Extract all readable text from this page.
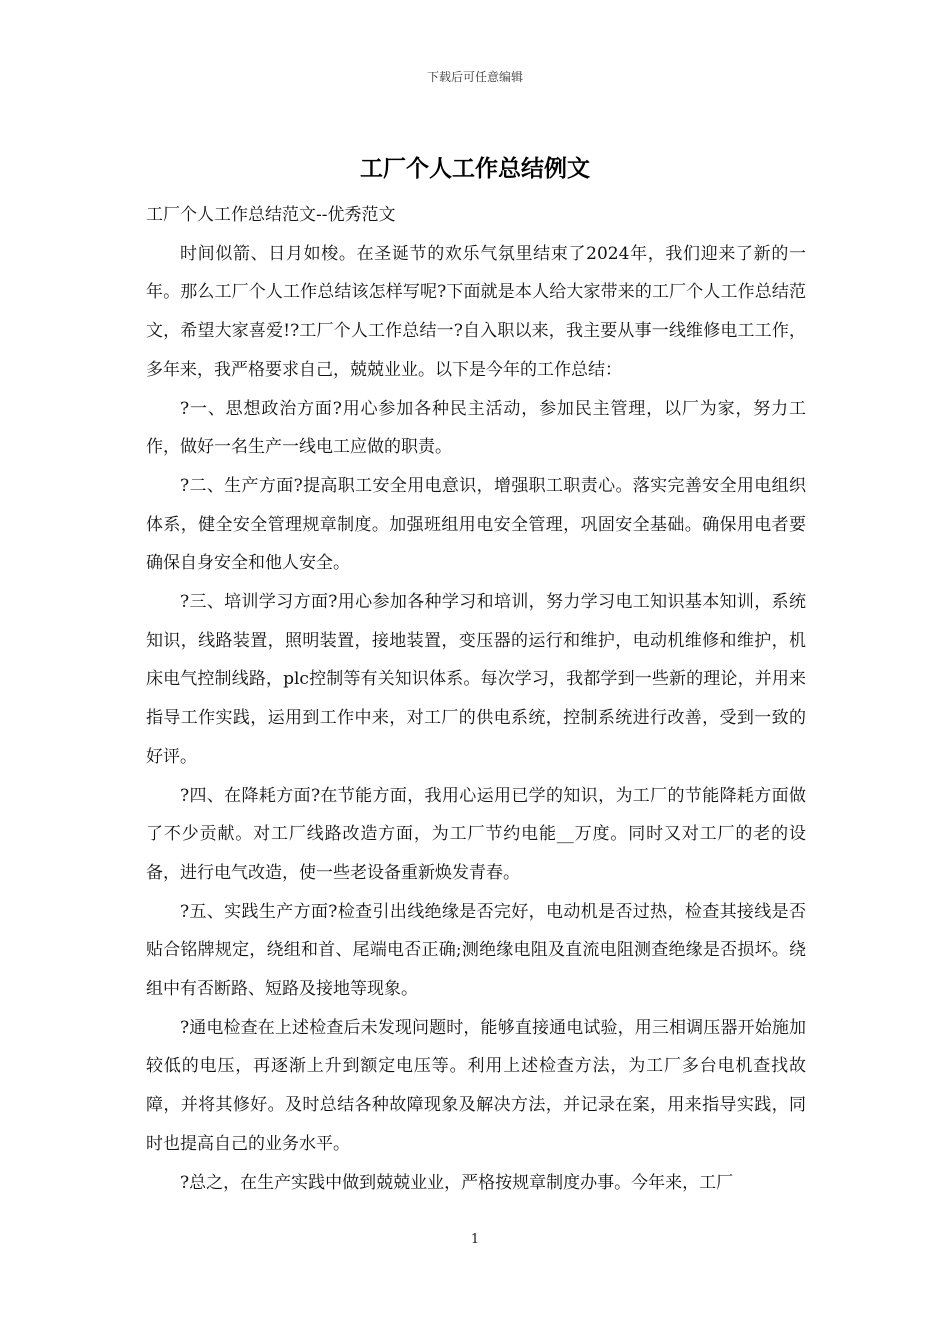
下载后可任意编辑
工厂个人工作总结例文

工厂个人工作总结范文--优秀范文

时间似箭、日月如梭。在圣诞节的欢乐气氛里结束了2024年，我们迎来了新的一年。那么工厂个人工作总结该怎样写呢?下面就是本人给大家带来的工厂个人工作总结范文，希望大家喜爱!?工厂个人工作总结一?自入职以来，我主要从事一线维修电工工作，多年来，我严格要求自己，兢兢业业。以下是今年的工作总结：

?一、思想政治方面?用心参加各种民主活动，参加民主管理，以厂为家，努力工作，做好一名生产一线电工应做的职责。

?二、生产方面?提高职工安全用电意识，增强职工职责心。落实完善安全用电组织体系，健全安全管理规章制度。加强班组用电安全管理，巩固安全基础。确保用电者要确保自身安全和他人安全。

?三、培训学习方面?用心参加各种学习和培训，努力学习电工知识基本知训，系统知识，线路装置，照明装置，接地装置，变压器的运行和维护，电动机维修和维护，机床电气控制线路，plc控制等有关知识体系。每次学习，我都学到一些新的理论，并用来指导工作实践，运用到工作中来，对工厂的供电系统，控制系统进行改善，受到一致的好评。

?四、在降耗方面?在节能方面，我用心运用已学的知识，为工厂的节能降耗方面做了不少贡献。对工厂线路改造方面，为工厂节约电能__万度。同时又对工厂的老的设备，进行电气改造，使一些老设备重新焕发青春。

?五、实践生产方面?检查引出线绝缘是否完好，电动机是否过热，检查其接线是否贴合铭牌规定，绕组和首、尾端电否正确;测绝缘电阻及直流电阻测查绝缘是否损坏。绕组中有否断路、短路及接地等现象。

?通电检查在上述检查后未发现问题时，能够直接通电试验，用三相调压器开始施加较低的电压，再逐渐上升到额定电压等。利用上述检查方法，为工厂多台电机查找故障，并将其修好。及时总结各种故障现象及解决方法，并记录在案，用来指导实践，同时也提高自己的业务水平。

?总之，在生产实践中做到兢兢业业，严格按规章制度办事。今年来，工厂

1
